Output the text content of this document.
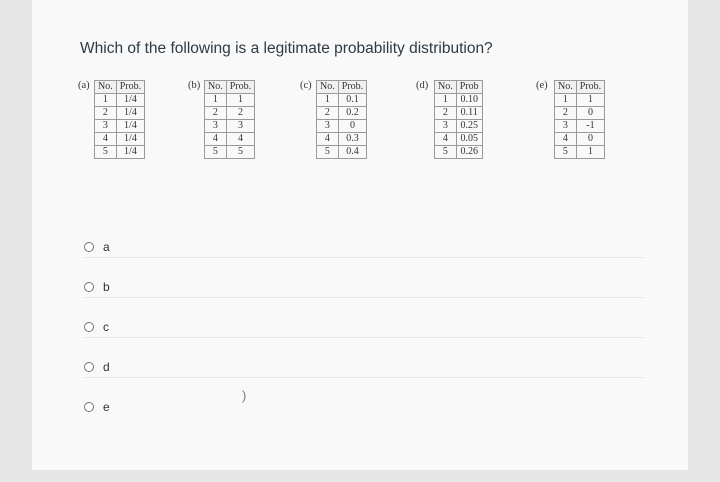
Which of the following is a legitimate probability distribution?

(a) No.	Prob.
1	1/4
2	1/4
3	1/4
4	1/4
5	1/4
(b) No.	Prob.
1	1
2	2
3	3
4	4
5	5
(c) No.	Prob.
1	0.1
2	0.2
3	0
4	0.3
5	0.4
(d) No.	Prob
1	0.10
2	0.11
3	0.25
4	0.05
5	0.26
(e) No.	Prob.
1	1
2	0
3	-1
4	0
5	1
a
b
c
d
e
)
